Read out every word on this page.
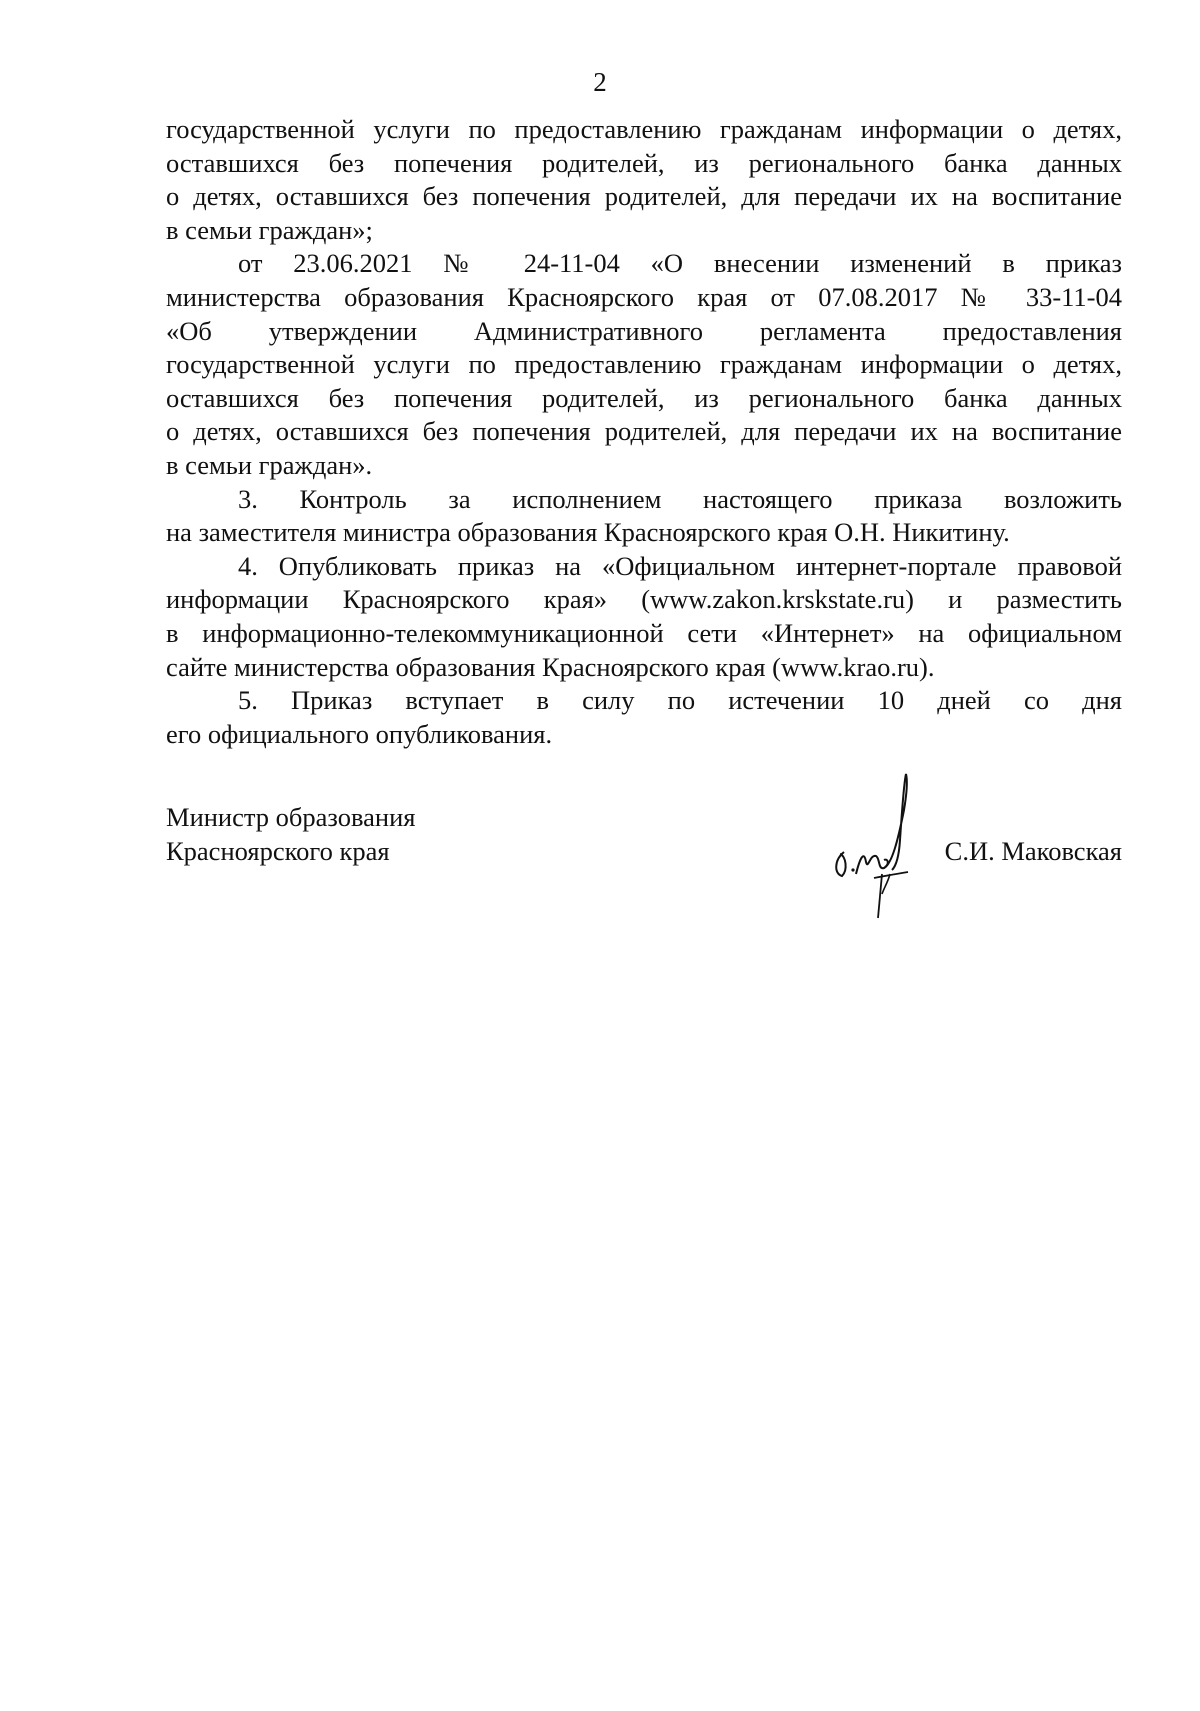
2
государственной услуги по предоставлению гражданам информации о детях,
оставшихся без попечения родителей, из регионального банка данных
о детях, оставшихся без попечения родителей, для передачи их на воспитание
в семьи граждан»;
от 23.06.2021 № 24-11-04 «О внесении изменений в приказ
министерства образования Красноярского края от 07.08.2017 № 33-11-04
«Об утверждении Административного регламента предоставления
государственной услуги по предоставлению гражданам информации о детях,
оставшихся без попечения родителей, из регионального банка данных
о детях, оставшихся без попечения родителей, для передачи их на воспитание
в семьи граждан».
3. Контроль за исполнением настоящего приказа возложить
на заместителя министра образования Красноярского края О.Н. Никитину.
4. Опубликовать приказ на «Официальном интернет-портале правовой
информации Красноярского края» (www.zakon.krskstate.ru) и разместить
в информационно-телекоммуникационной сети «Интернет» на официальном
сайте министерства образования Красноярского края (www.krao.ru).
5. Приказ вступает в силу по истечении 10 дней со дня
его официального опубликования.
Министр образования
Красноярского края	С.И. Маковская
